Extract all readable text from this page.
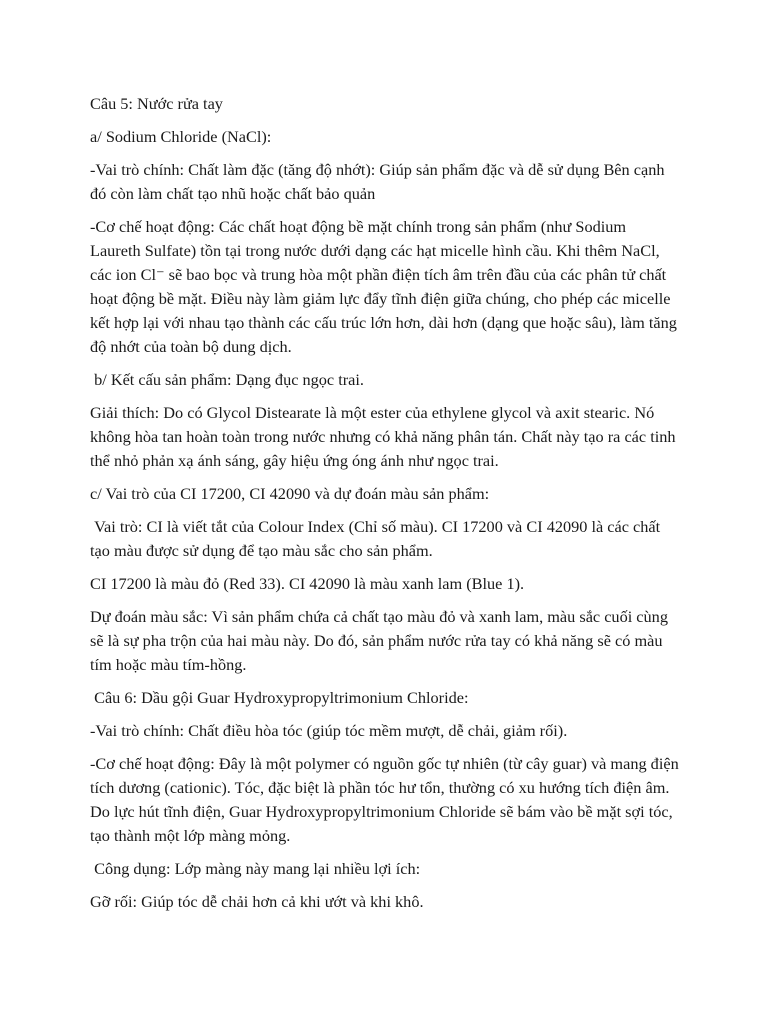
Câu 5: Nước rửa tay

a/ Sodium Chloride (NaCl):

-Vai trò chính: Chất làm đặc (tăng độ nhớt): Giúp sản phẩm đặc và dễ sử dụng Bên cạnh đó còn làm chất tạo nhũ hoặc chất bảo quản

-Cơ chế hoạt động: Các chất hoạt động bề mặt chính trong sản phẩm (như Sodium Laureth Sulfate) tồn tại trong nước dưới dạng các hạt micelle hình cầu. Khi thêm NaCl, các ion Cl⁻ sẽ bao bọc và trung hòa một phần điện tích âm trên đầu của các phân tử chất hoạt động bề mặt. Điều này làm giảm lực đẩy tĩnh điện giữa chúng, cho phép các micelle kết hợp lại với nhau tạo thành các cấu trúc lớn hơn, dài hơn (dạng que hoặc sâu), làm tăng độ nhớt của toàn bộ dung dịch.

b/ Kết cấu sản phẩm: Dạng đục ngọc trai.

Giải thích: Do có Glycol Distearate là một ester của ethylene glycol và axit stearic. Nó không hòa tan hoàn toàn trong nước nhưng có khả năng phân tán. Chất này tạo ra các tinh thể nhỏ phản xạ ánh sáng, gây hiệu ứng óng ánh như ngọc trai.

c/ Vai trò của CI 17200, CI 42090 và dự đoán màu sản phẩm:

Vai trò: CI là viết tắt của Colour Index (Chỉ số màu). CI 17200 và CI 42090 là các chất tạo màu được sử dụng để tạo màu sắc cho sản phẩm.

CI 17200 là màu đỏ (Red 33). CI 42090 là màu xanh lam (Blue 1).

Dự đoán màu sắc: Vì sản phẩm chứa cả chất tạo màu đỏ và xanh lam, màu sắc cuối cùng sẽ là sự pha trộn của hai màu này. Do đó, sản phẩm nước rửa tay có khả năng sẽ có màu tím hoặc màu tím-hồng.

Câu 6: Dầu gội Guar Hydroxypropyltrimonium Chloride:

-Vai trò chính: Chất điều hòa tóc (giúp tóc mềm mượt, dễ chải, giảm rối).

-Cơ chế hoạt động: Đây là một polymer có nguồn gốc tự nhiên (từ cây guar) và mang điện tích dương (cationic). Tóc, đặc biệt là phần tóc hư tổn, thường có xu hướng tích điện âm. Do lực hút tĩnh điện, Guar Hydroxypropyltrimonium Chloride sẽ bám vào bề mặt sợi tóc, tạo thành một lớp màng mỏng.

Công dụng: Lớp màng này mang lại nhiều lợi ích:

Gỡ rối: Giúp tóc dễ chải hơn cả khi ướt và khi khô.
